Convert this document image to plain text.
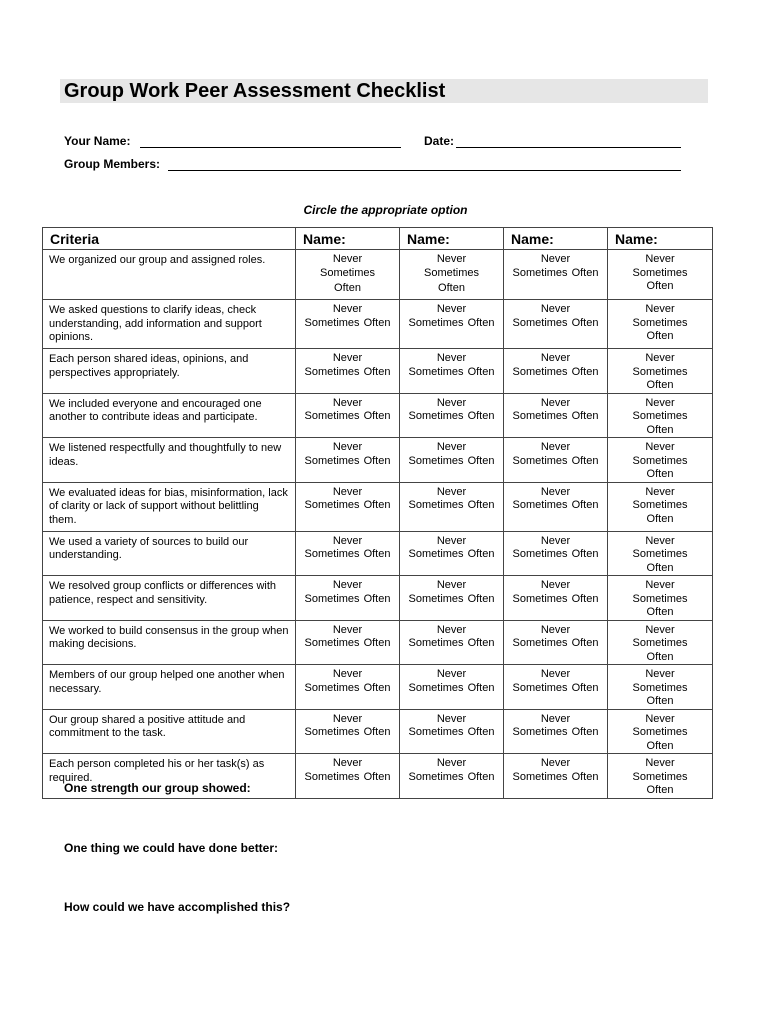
Group Work Peer Assessment Checklist
Your Name:	Date:
Group Members:
Circle the appropriate option
Criteria	Name:	Name:	Name:	Name:
We organized our group and assigned roles.	Never
Sometimes
Often	Never
Sometimes
Often	Never
Sometimes Often	Never
Sometimes
Often

We asked questions to clarify ideas, check understanding, add information and support opinions.	Never
Sometimes Often	Never
Sometimes Often	Never
Sometimes Often	Never
Sometimes
Often

Each person shared ideas, opinions, and perspectives appropriately.	Never
Sometimes Often	Never
Sometimes Often	Never
Sometimes Often	Never
Sometimes
Often

We included everyone and encouraged one another to contribute ideas and participate.	Never
Sometimes Often	Never
Sometimes Often	Never
Sometimes Often	Never
Sometimes
Often

We listened respectfully and thoughtfully to new ideas.	Never
Sometimes Often	Never
Sometimes Often	Never
Sometimes Often	Never
Sometimes
Often

We evaluated ideas for bias, misinformation, lack of clarity or lack of support without belittling them.	Never
Sometimes Often	Never
Sometimes Often	Never
Sometimes Often	Never
Sometimes
Often

We used a variety of sources to build our understanding.	Never
Sometimes Often	Never
Sometimes Often	Never
Sometimes Often	Never
Sometimes
Often

We resolved group conflicts or differences with patience, respect and sensitivity.	Never
Sometimes Often	Never
Sometimes Often	Never
Sometimes Often	Never
Sometimes
Often

We worked to build consensus in the group when making decisions.	Never
Sometimes Often	Never
Sometimes Often	Never
Sometimes Often	Never
Sometimes
Often

Members of our group helped one another when necessary.	Never
Sometimes Often	Never
Sometimes Often	Never
Sometimes Often	Never
Sometimes
Often

Our group shared a positive attitude and commitment to the task.	Never
Sometimes Often	Never
Sometimes Often	Never
Sometimes Often	Never
Sometimes
Often

Each person completed his or her task(s) as required.	Never
Sometimes Often	Never
Sometimes Often	Never
Sometimes Often	Never
Sometimes
Often
One strength our group showed:
One thing we could have done better:
How could we have accomplished this?
